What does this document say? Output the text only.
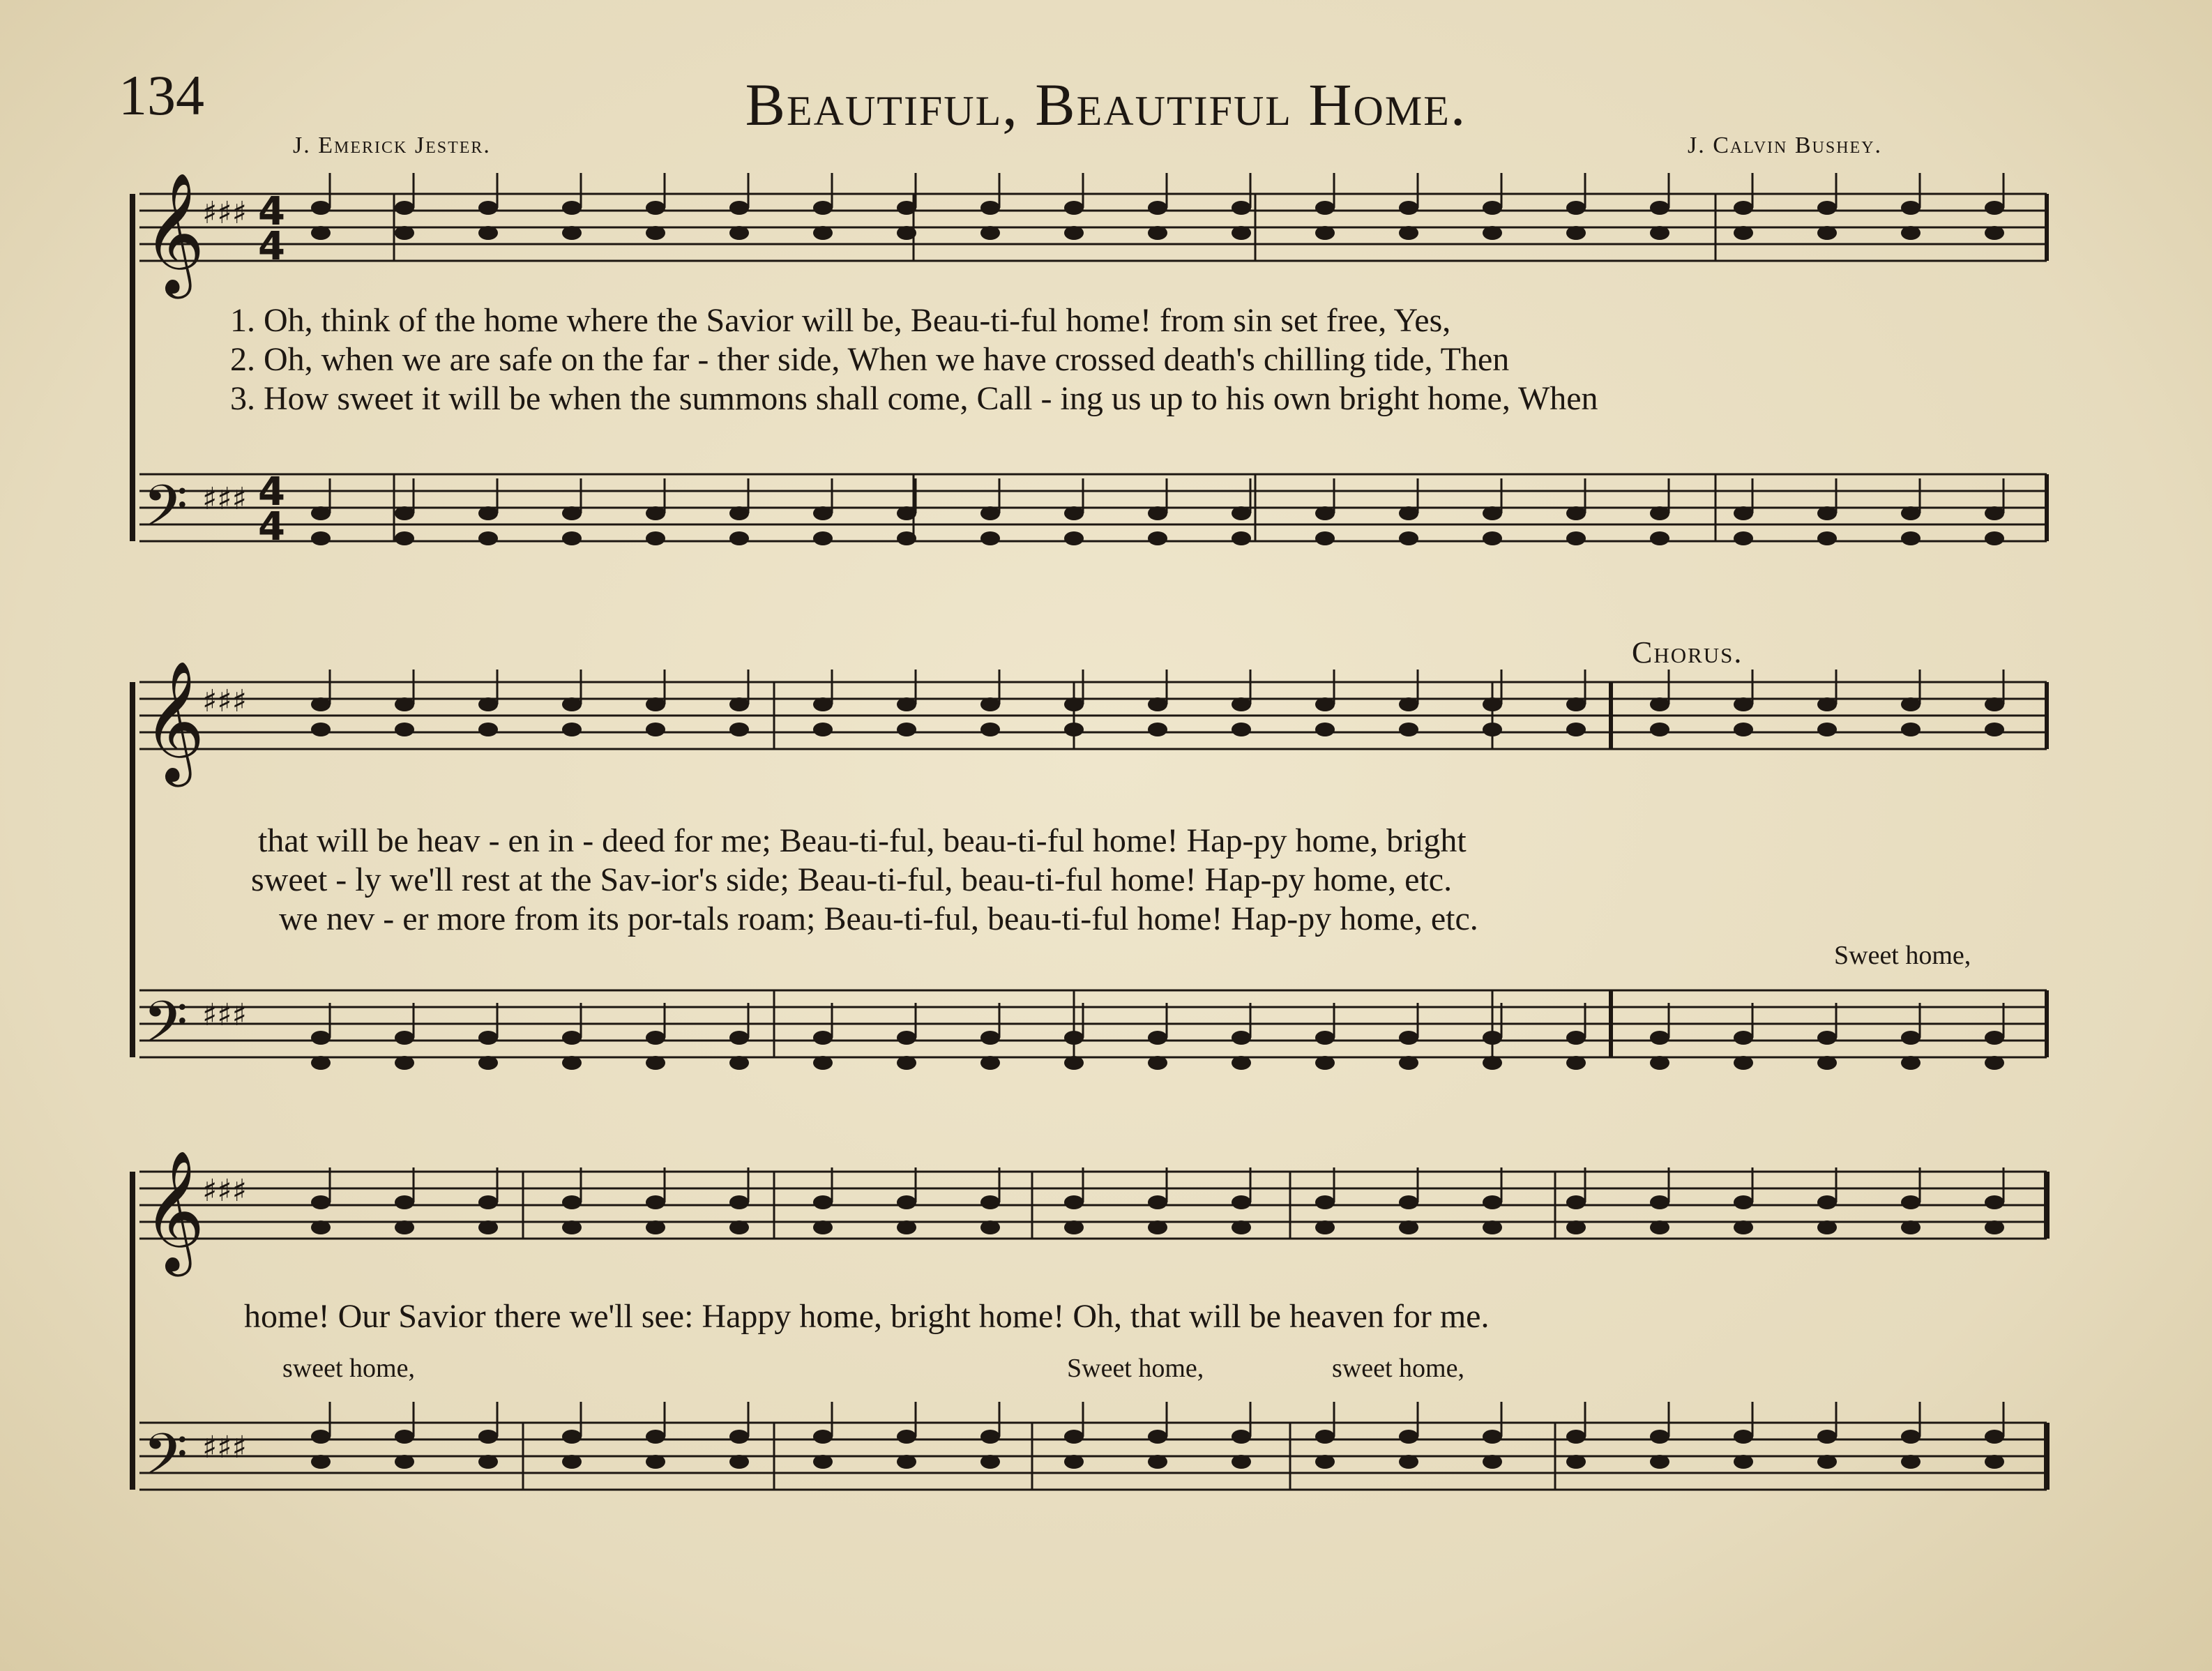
134	Beautiful, Beautiful Home.
J. Emerick Jester.	J. Calvin Bushey.
𝄞
𝄢
𝄞
𝄢
𝄞
𝄢
♯♯♯
♯♯♯
♯♯♯
♯♯♯
♯♯♯
♯♯♯
4
4
4
4
1. Oh, think of the home where the Savior will be, Beau-ti-ful home! from sin set free, Yes,
2. Oh, when we are safe on the far - ther side, When we have crossed death's chilling tide, Then
3. How sweet it will be when the summons shall come, Call - ing us up to his own bright home, When
Chorus.
that will be heav - en in - deed for me; Beau-ti-ful, beau-ti-ful home! Hap-py home, bright
sweet - ly we'll rest at the Sav-ior's side; Beau-ti-ful, beau-ti-ful home! Hap-py home, etc.
we nev - er more from its por-tals roam; Beau-ti-ful, beau-ti-ful home! Hap-py home, etc.
Sweet home,
home! Our Savior there we'll see: Happy home, bright home! Oh, that will be heaven for me.
sweet home,	Sweet home,	sweet home,
